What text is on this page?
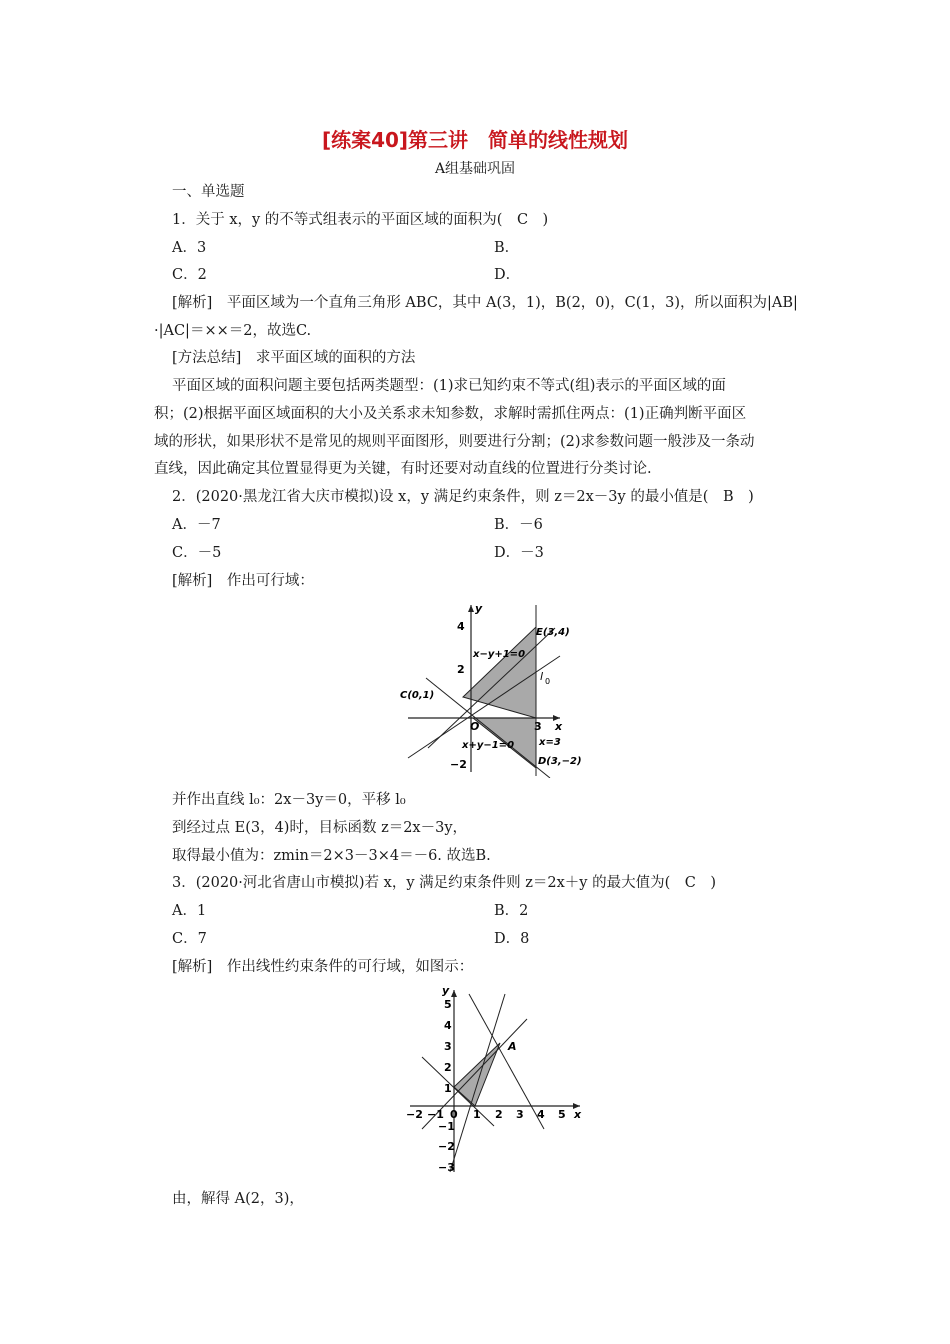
[练案40]第三讲　简单的线性规划
A组基础巩固
一、单选题
1．关于 x，y 的不等式组表示的平面区域的面积为(　C　)
A．3	B．
C．2	D．
[解析]　平面区域为一个直角三角形 ABC，其中 A(3，1)，B(2，0)，C(1，3)，所以面积为|AB|
·|AC|＝××＝2，故选C.
[方法总结]　求平面区域的面积的方法
平面区域的面积问题主要包括两类题型：(1)求已知约束不等式(组)表示的平面区域的面
积；(2)根据平面区域面积的大小及关系求未知参数，求解时需抓住两点：(1)正确判断平面区
域的形状，如果形状不是常见的规则平面图形，则要进行分割；(2)求参数问题一般涉及一条动
直线，因此确定其位置显得更为关键，有时还要对动直线的位置进行分类讨论.
2．(2020·黑龙江省大庆市模拟)设 x，y 满足约束条件，则 z＝2x－3y 的最小值是(　B　)
A．－7	B．－6
C．－5	D．－3
[解析]　作出可行域：
y
x
4
2
−2
3
O
x−y+1=0
x+y−1=0 x=3
E(3,4)
C(0,1)
D(3,−2)
l 0
并作出直线 l₀：2x－3y＝0，平移 l₀
到经过点 E(3，4)时，目标函数 z＝2x－3y，
取得最小值为：zmin＝2×3－3×4＝－6. 故选B.
3．(2020·河北省唐山市模拟)若 x，y 满足约束条件则 z＝2x＋y 的最大值为(　C　)
A．1	B．2
C．7	D．8
[解析]　作出线性约束条件的可行域，如图示：
y
x
5
4
3
2
1
−1
−2
−3
−2 −1 0 1 2 3 4 5
A
由，解得 A(2，3)，
